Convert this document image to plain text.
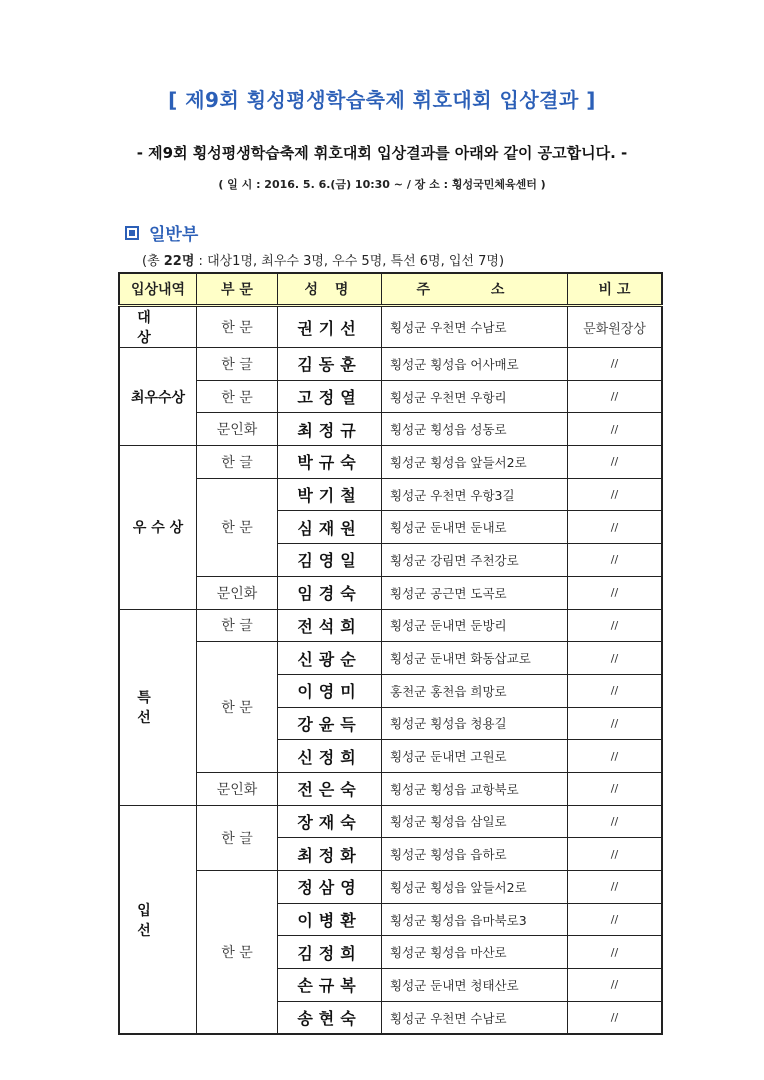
[ 제9회 횡성평생학습축제 휘호대회 입상결과 ]
- 제9회 횡성평생학습축제 휘호대회 입상결과를 아래와 같이 공고합니다. -
( 일 시 : 2016. 5. 6.(금) 10:30 ~ / 장 소 : 횡성국민체육센터 )
일반부
(총 22명 : 대상1명, 최우수 3명, 우수 5명, 특선 6명, 입선 7명)
입상내역	부 문	성 명	주 소	비 고
대 상	한 문	권기선	횡성군 우천면 수남로	문화원장상
최우수상	한 글	김동훈	횡성군 횡성읍 어사매로	//
	한 문	고정열	횡성군 우천면 우항리	//
	문인화	최정규	횡성군 횡성읍 성동로	//
우 수 상	한 글	박규숙	횡성군 횡성읍 앞들서2로	//
	한 문	박기철	횡성군 우천면 우항3길	//
		심재원	횡성군 둔내면 둔내로	//
		김영일	횡성군 강림면 주천강로	//
	문인화	임경숙	횡성군 공근면 도곡로	//
특 선	한 글	전석희	횡성군 둔내면 둔방리	//
	한 문	신광순	횡성군 둔내면 화동삽교로	//
		이영미	홍천군 홍천읍 희망로	//
		강윤득	횡성군 횡성읍 청용길	//
		신정희	횡성군 둔내면 고원로	//
	문인화	전은숙	횡성군 횡성읍 교항북로	//
입 선	한 글	장재숙	횡성군 횡성읍 삼일로	//
		최정화	횡성군 횡성읍 읍하로	//
	한 문	정삼영	횡성군 횡성읍 앞들서2로	//
		이병환	횡성군 횡성읍 읍마북로3	//
		김정희	횡성군 횡성읍 마산로	//
		손규복	횡성군 둔내면 청태산로	//
		송현숙	횡성군 우천면 수남로	//
